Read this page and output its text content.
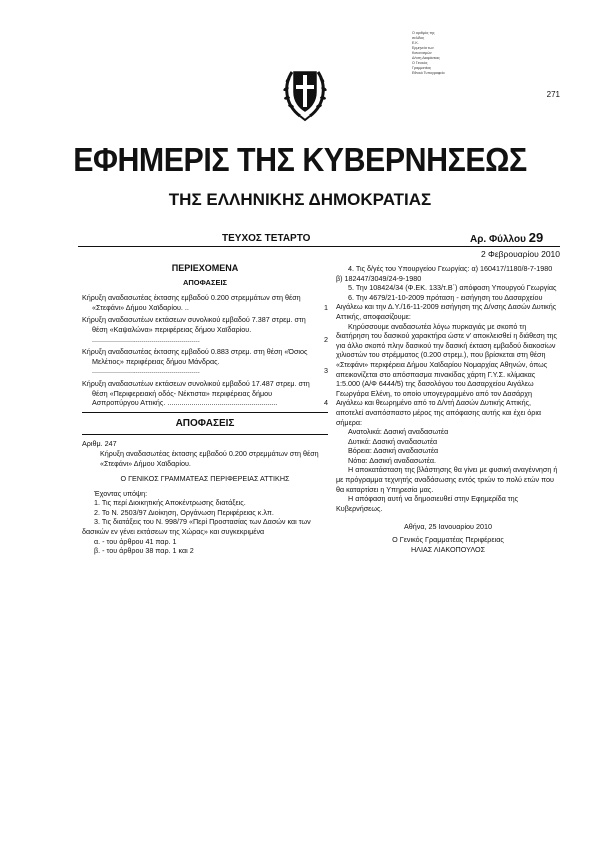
Ο αριθμός της
σελίδας
Ε.Κ.
Ερμηνεία των
Κανονισμών
Δ/νση Διαφάνειας
Ο Γενικός
Γραμματέας
Εθνικό Τυπογραφείο
271
ΕΦΗΜΕΡΙΣ ΤΗΣ ΚΥΒΕΡΝΗΣΕΩΣ
ΤΗΣ ΕΛΛΗΝΙΚΗΣ ΔΗΜΟΚΡΑΤΙΑΣ
ΤΕΥΧΟΣ ΤΕΤΑΡΤΟ	Αρ. Φύλλου 29
2 Φεβρουαρίου 2010
ΠΕΡΙΕΧΟΜΕΝΑ
ΑΠΟΦΑΣΕΙΣ
Κήρυξη αναδασωτέας έκτασης εμβαδού 0.200 στρεμμάτων στη θέση «Στεφάνι» Δήμου Χαϊδαρίου. ..	1
Κήρυξη αναδασωτέων εκτάσεων συνολικού εμβαδού 7.387 στρεμ. στη θέση «Καψαλώνα» περιφέρειας δήμου Χαϊδαρίου. ......................................................	2
Κήρυξη αναδασωτέας έκτασης εμβαδού 0.883 στρεμ. στη θέση «Όσιος Μελέτιος» περιφέρειας δήμου Μάνδρας. ......................................................	3
Κήρυξη αναδασωτέων εκτάσεων συνολικού εμβαδού 17.487 στρεμ. στη θέση «Περιφερειακή οδός- Νέκτιστα» περιφέρειας δήμου Ασπροπύργου Αττικής. .......................................................	4
ΑΠΟΦΑΣΕΙΣ

Αριθμ. 247

Κήρυξη αναδασωτέας έκτασης εμβαδού 0.200 στρεμμάτων στη θέση «Στεφάνι» Δήμου Χαϊδαρίου.

Ο ΓΕΝΙΚΟΣ ΓΡΑΜΜΑΤΕΑΣ ΠΕΡΙΦΕΡΕΙΑΣ ΑΤΤΙΚΗΣ

Έχοντας υπόψη:

1. Τις περί Διοικητικής Αποκέντρωσης διατάξεις.

2. Το Ν. 2503/97 Διοίκηση, Οργάνωση Περιφέρειας κ.λπ.

3. Τις διατάξεις του Ν. 998/79 «Περί Προστασίας των Δασών και των δασικών εν γένει εκτάσεων της Χώρας» και συγκεκριμένα

α. - του άρθρου 41 παρ. 1

β. - του άρθρου 38 παρ. 1 και 2

4. Τις δ/γές του Υπουργείου Γεωργίας: α) 160417/1180/8-7-1980 β) 182447/3049/24-9-1980

5. Την 108424/34 (Φ.ΕΚ. 133/τ.Β΄) απόφαση Υπουργού Γεωργίας

6. Την 4679/21-10-2009 πρόταση - εισήγηση του Δασαρχείου Αιγάλεω και την Δ.Υ./16-11-2009 εισήγηση της Δ/νσης Δασών Δυτικής Αττικής, αποφασίζουμε:

Κηρύσσουμε αναδασωτέα λόγω πυρκαγιάς με σκοπό τη διατήρηση του δασικού χαρακτήρα ώστε ν' αποκλεισθεί η διάθεση της για άλλο σκοπό πλην δασικού την δασική έκταση εμβαδού διακοσίων χιλιοστών του στρέμματος (0.200 στρεμ.), που βρίσκεται στη θέση «Στεφάνι» περιφέρεια Δήμου Χαϊδαρίου Νομαρχίας Αθηνών, όπως απεικονίζεται στο απόσπασμα πινακίδας χάρτη Γ.Υ.Σ. κλίμακας 1:5.000 (Α/Φ 6444/5) της δασολόγου του Δασαρχείου Αιγάλεω Γεωργάρα Ελένη, το οποίο υπογεγραμμένο από τον Δασάρχη Αιγάλεω και θεωρημένο από το Δ/ντή Δασών Δυτικής Αττικής, αποτελεί αναπόσπαστο μέρος της απόφασης αυτής και έχει όρια σήμερα:

Ανατολικά: Δασική αναδασωτέα

Δυτικά: Δασική αναδασωτέα

Βόρεια: Δασική αναδασωτέα

Νότια: Δασική αναδασωτέα.

Η αποκατάσταση της βλάστησης θα γίνει με φυσική αναγέννηση ή με πρόγραμμα τεχνητής αναδάσωσης εντός τριών το πολύ ετών που θα καταρτίσει η Υπηρεσία μας.

Η απόφαση αυτή να δημοσιευθεί στην Εφημερίδα της Κυβερνήσεως.

Αθήνα, 25 Ιανουαρίου 2010

Ο Γενικός Γραμματέας Περιφέρειας

ΗΛΙΑΣ ΛΙΑΚΟΠΟΥΛΟΣ
